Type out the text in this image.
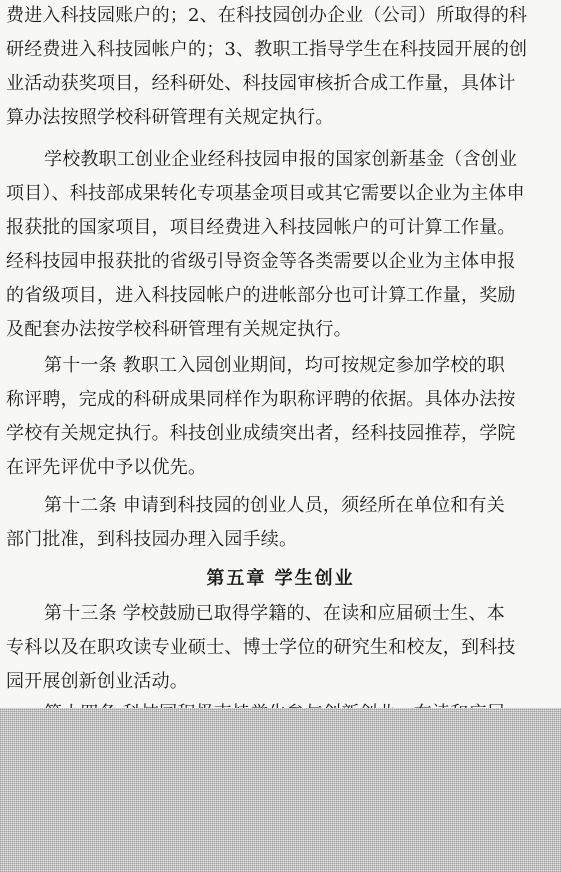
费进入科技园账户的；2、在科技园创办企业（公司）所取得的科
研经费进入科技园帐户的；3、教职工指导学生在科技园开展的创
业活动获奖项目，经科研处、科技园审核折合成工作量，具体计
算办法按照学校科研管理有关规定执行。
学校教职工创业企业经科技园申报的国家创新基金（含创业
项目）、科技部成果转化专项基金项目或其它需要以企业为主体申
报获批的国家项目，项目经费进入科技园帐户的可计算工作量。
经科技园申报获批的省级引导资金等各类需要以企业为主体申报
的省级项目，进入科技园帐户的进帐部分也可计算工作量，奖励
及配套办法按学校科研管理有关规定执行。
第十一条 教职工入园创业期间，均可按规定参加学校的职
称评聘，完成的科研成果同样作为职称评聘的依据。具体办法按
学校有关规定执行。科技创业成绩突出者，经科技园推荐，学院
在评先评优中予以优先。
第十二条 申请到科技园的创业人员，须经所在单位和有关
部门批准，到科技园办理入园手续。
第五章 学生创业
第十三条 学校鼓励已取得学籍的、在读和应届硕士生、本
专科以及在职攻读专业硕士、博士学位的研究生和校友，到科技
园开展创新创业活动。
